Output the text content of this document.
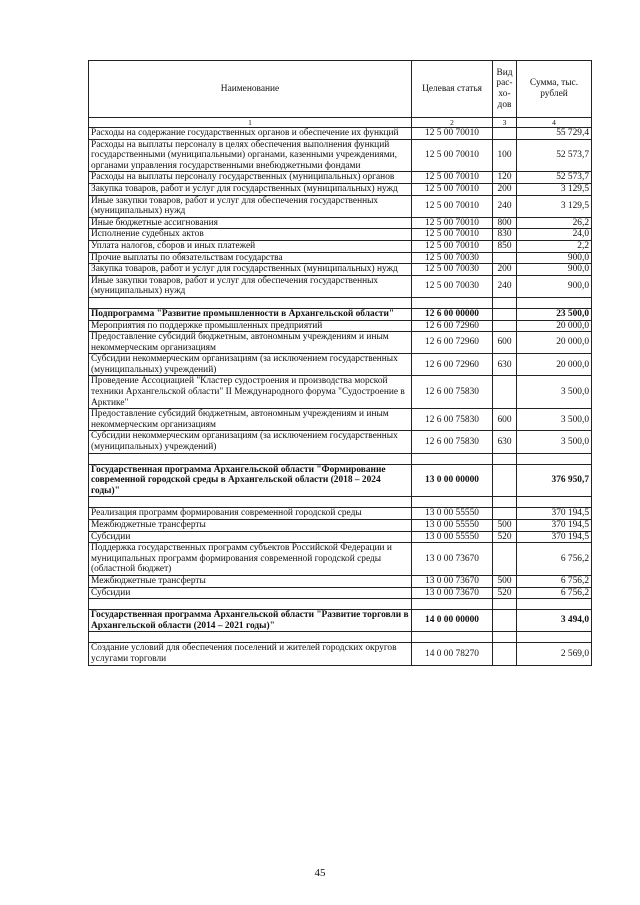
Наименование	Целевая статья	Вид рас-хо-дов	Сумма, тыс. рублей
1	2	3	4
Расходы на содержание государственных органов и обеспечение их функций	12 5 00 70010		55 729,4
Расходы на выплаты персоналу в целях обеспечения выполнения функций государственными (муниципальными) органами, казенными учреждениями, органами управления государственными внебюджетными фондами	12 5 00 70010	100	52 573,7
Расходы на выплаты персоналу государственных (муниципальных) органов	12 5 00 70010	120	52 573,7
Закупка товаров, работ и услуг для государственных (муниципальных) нужд	12 5 00 70010	200	3 129,5
Иные закупки товаров, работ и услуг для обеспечения государственных (муниципальных) нужд	12 5 00 70010	240	3 129,5
Иные бюджетные ассигнования	12 5 00 70010	800	26,2
Исполнение судебных актов	12 5 00 70010	830	24,0
Уплата налогов, сборов и иных платежей	12 5 00 70010	850	2,2
Прочие выплаты по обязательствам государства	12 5 00 70030		900,0
Закупка товаров, работ и услуг для государственных (муниципальных) нужд	12 5 00 70030	200	900,0
Иные закупки товаров, работ и услуг для обеспечения государственных (муниципальных) нужд	12 5 00 70030	240	900,0

Подпрограмма "Развитие промышленности в Архангельской области"	12 6 00 00000		23 500,0
Мероприятия по поддержке промышленных предприятий	12 6 00 72960		20 000,0
Предоставление субсидий бюджетным, автономным учреждениям и иным некоммерческим организациям	12 6 00 72960	600	20 000,0
Субсидии некоммерческим организациям (за исключением государственных (муниципальных) учреждений)	12 6 00 72960	630	20 000,0
Проведение Ассоциацией "Кластер судостроения и производства морской техники Архангельской области" II Международного форума "Судостроение в Арктике"	12 6 00 75830		3 500,0
Предоставление субсидий бюджетным, автономным учреждениям и иным некоммерческим организациям	12 6 00 75830	600	3 500,0
Субсидии некоммерческим организациям (за исключением государственных (муниципальных) учреждений)	12 6 00 75830	630	3 500,0

Государственная программа Архангельской области "Формирование современной городской среды в Архангельской области (2018 – 2024 годы)"	13 0 00 00000		376 950,7

Реализация программ формирования современной городской среды	13 0 00 55550		370 194,5
Межбюджетные трансферты	13 0 00 55550	500	370 194,5
Субсидии	13 0 00 55550	520	370 194,5
Поддержка государственных программ субъектов Российской Федерации и муниципальных программ формирования современной городской среды (областной бюджет)	13 0 00 73670		6 756,2
Межбюджетные трансферты	13 0 00 73670	500	6 756,2
Субсидии	13 0 00 73670	520	6 756,2

Государственная программа Архангельской области "Развитие торговли в Архангельской области (2014 – 2021 годы)"	14 0 00 00000		3 494,0

Создание условий для обеспечения поселений и жителей городских округов услугами торговли	14 0 00 78270		2 569,0
45
